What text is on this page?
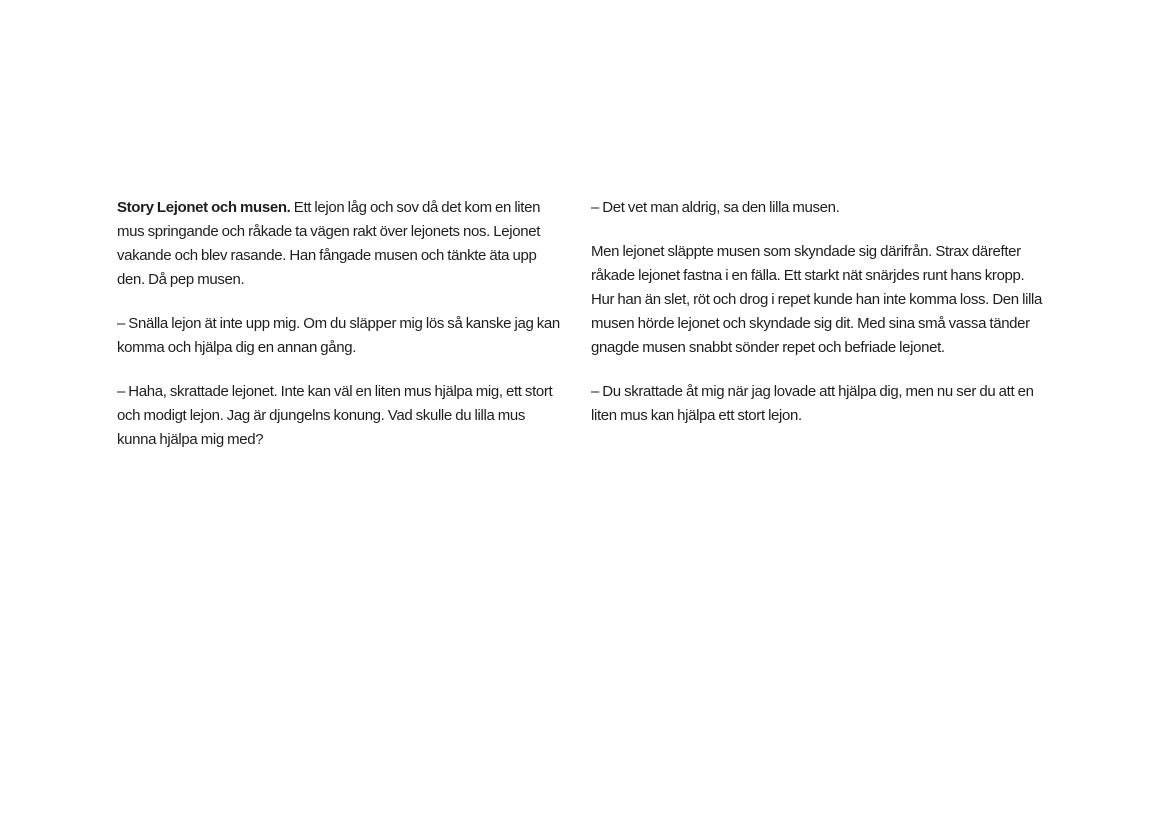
Story Lejonet och musen. Ett lejon låg och sov då det kom en liten mus springande och råkade ta vägen rakt över lejonets nos. Lejonet vakande och blev rasande. Han fångade musen och tänkte äta upp den. Då pep musen.

– Snälla lejon ät inte upp mig. Om du släpper mig lös så kanske jag kan komma och hjälpa dig en annan gång.

– Haha, skrattade lejonet. Inte kan väl en liten mus hjälpa mig, ett stort och modigt lejon. Jag är djungelns konung. Vad skulle du lilla mus kunna hjälpa mig med?

– Det vet man aldrig, sa den lilla musen.

Men lejonet släppte musen som skyndade sig därifrån. Strax därefter råkade lejonet fastna i en fälla. Ett starkt nät snärjdes runt hans kropp. Hur han än slet, röt och drog i repet kunde han inte komma loss. Den lilla musen hörde lejonet och skyndade sig dit. Med sina små vassa tänder gnagde musen snabbt sönder repet och befriade lejonet.

– Du skrattade åt mig när jag lovade att hjälpa dig, men nu ser du att en liten mus kan hjälpa ett stort lejon.
